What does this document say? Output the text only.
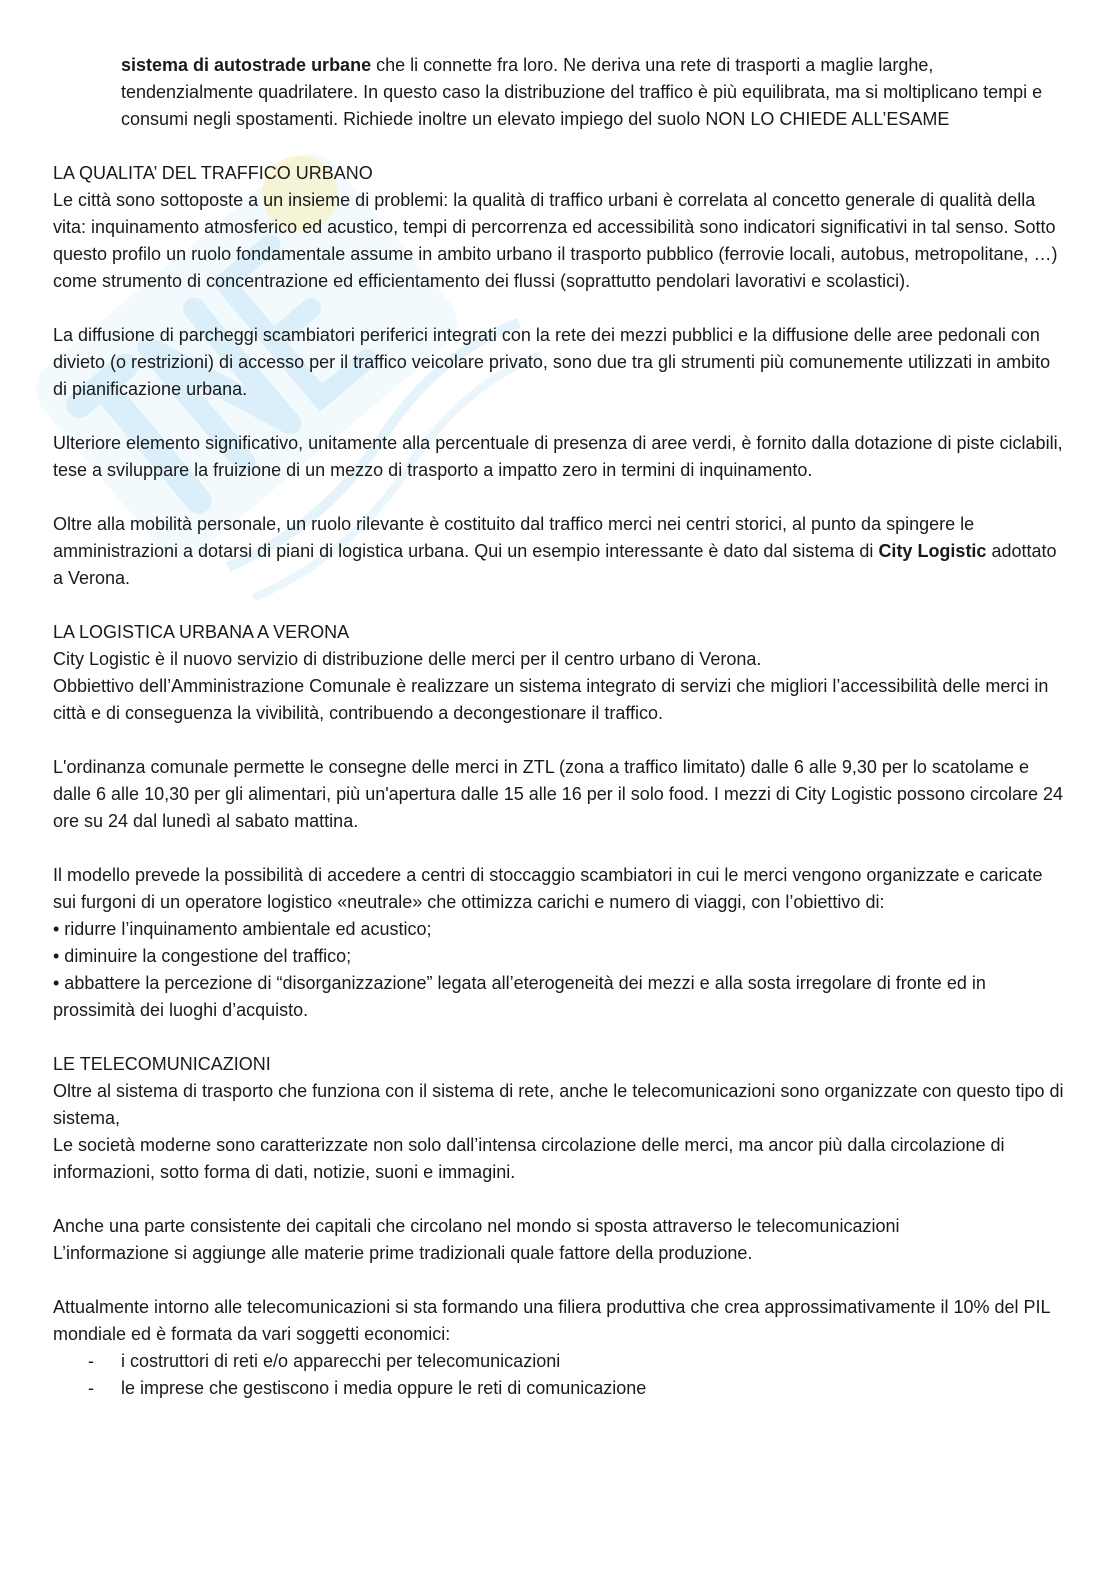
sistema di autostrade urbane che li connette fra loro. Ne deriva una rete di trasporti a maglie larghe, tendenzialmente quadrilatere. In questo caso la distribuzione del traffico è più equilibrata, ma si moltiplicano tempi e consumi negli spostamenti. Richiede inoltre un elevato impiego del suolo NON LO CHIEDE ALL’ESAME

LA QUALITA’ DEL TRAFFICO URBANO

Le città sono sottoposte a un insieme di problemi: la qualità di traffico urbani è correlata al concetto generale di qualità della vita: inquinamento atmosferico ed acustico, tempi di percorrenza ed accessibilità sono indicatori significativi in tal senso. Sotto questo profilo un ruolo fondamentale assume in ambito urbano il trasporto pubblico (ferrovie locali, autobus, metropolitane, …) come strumento di concentrazione ed efficientamento dei flussi (soprattutto pendolari lavorativi e scolastici).

La diffusione di parcheggi scambiatori periferici integrati con la rete dei mezzi pubblici e la diffusione delle aree pedonali con divieto (o restrizioni) di accesso per il traffico veicolare privato, sono due tra gli strumenti più comunemente utilizzati in ambito di pianificazione urbana.

Ulteriore elemento significativo, unitamente alla percentuale di presenza di aree verdi, è fornito dalla dotazione di piste ciclabili, tese a sviluppare la fruizione di un mezzo di trasporto a impatto zero in termini di inquinamento.

Oltre alla mobilità personale, un ruolo rilevante è costituito dal traffico merci nei centri storici, al punto da spingere le amministrazioni a dotarsi di piani di logistica urbana. Qui un esempio interessante è dato dal sistema di City Logistic adottato a Verona.

LA LOGISTICA URBANA A VERONA

City Logistic è il nuovo servizio di distribuzione delle merci per il centro urbano di Verona.

Obbiettivo dell’Amministrazione Comunale è realizzare un sistema integrato di servizi che migliori l’accessibilità delle merci in città e di conseguenza la vivibilità, contribuendo a decongestionare il traffico.

L'ordinanza comunale permette le consegne delle merci in ZTL (zona a traffico limitato) dalle 6 alle 9,30 per lo scatolame e dalle 6 alle 10,30 per gli alimentari, più un'apertura dalle 15 alle 16 per il solo food. I mezzi di City Logistic possono circolare 24 ore su 24 dal lunedì al sabato mattina.

Il modello prevede la possibilità di accedere a centri di stoccaggio scambiatori in cui le merci vengono organizzate e caricate sui furgoni di un operatore logistico «neutrale» che ottimizza carichi e numero di viaggi, con l’obiettivo di:

• ridurre l’inquinamento ambientale ed acustico;

• diminuire la congestione del traffico;

• abbattere la percezione di “disorganizzazione” legata all’eterogeneità dei mezzi e alla sosta irregolare di fronte ed in prossimità dei luoghi d’acquisto.

LE TELECOMUNICAZIONI

Oltre al sistema di trasporto che funziona con il sistema di rete, anche le telecomunicazioni sono organizzate con questo tipo di sistema,

Le società moderne sono caratterizzate non solo dall’intensa circolazione delle merci, ma ancor più dalla circolazione di informazioni, sotto forma di dati, notizie, suoni e immagini.

Anche una parte consistente dei capitali che circolano nel mondo si sposta attraverso le telecomunicazioni

L’informazione si aggiunge alle materie prime tradizionali quale fattore della produzione.

Attualmente intorno alle telecomunicazioni si sta formando una filiera produttiva che crea approssimativamente il 10% del PIL mondiale ed è formata da vari soggetti economici:

- i costruttori di reti e/o apparecchi per telecomunicazioni
- le imprese che gestiscono i media oppure le reti di comunicazione
